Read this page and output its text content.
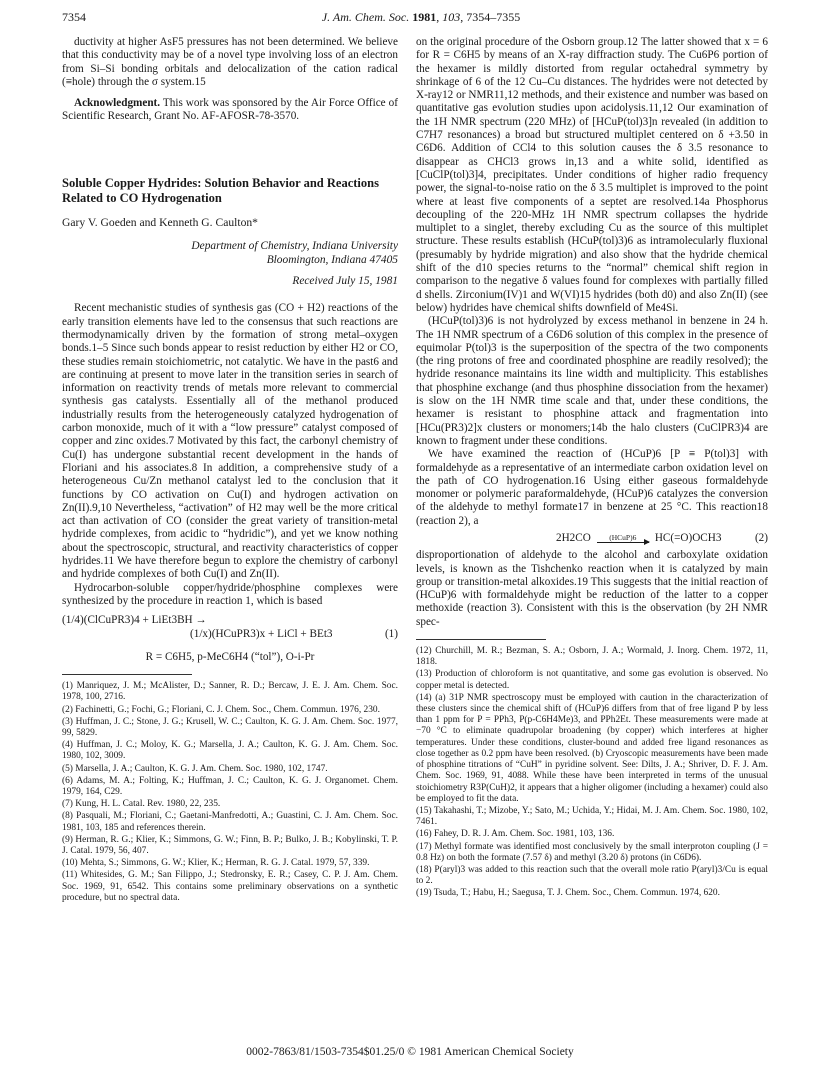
7354	J. Am. Chem. Soc. 1981, 103, 7354–7355

ductivity at higher AsF5 pressures has not been determined. We believe that this conductivity may be of a novel type involving loss of an electron from Si–Si bonding orbitals and delocalization of the cation radical (≡hole) through the σ system.15

Acknowledgment. This work was sponsored by the Air Force Office of Scientific Research, Grant No. AF-AFOSR-78-3570.

Soluble Copper Hydrides: Solution Behavior and Reactions Related to CO Hydrogenation
Gary V. Goeden and Kenneth G. Caulton*
Department of Chemistry, Indiana University
Bloomington, Indiana 47405
Received July 15, 1981

Recent mechanistic studies of synthesis gas (CO + H2) reactions of the early transition elements have led to the consensus that such reactions are thermodynamically driven by the formation of strong metal–oxygen bonds.1–5 Since such bonds appear to resist reduction by either H2 or CO, these studies remain stoichiometric, not catalytic. We have in the past6 and are continuing at present to move later in the transition series in search of information on reactivity trends of metals more relevant to commercial synthesis gas catalysts. Essentially all of the methanol produced industrially results from the heterogeneously catalyzed hydrogenation of carbon monoxide, much of it with a “low pressure” catalyst composed of copper and zinc oxides.7 Motivated by this fact, the carbonyl chemistry of Cu(I) has undergone substantial recent development in the hands of Floriani and his associates.8 In addition, a comprehensive study of a heterogeneous Cu/Zn methanol catalyst led to the conclusion that it functions by CO activation on Cu(I) and hydrogen activation on Zn(II).9,10 Nevertheless, “activation” of H2 may well be the more critical act than activation of CO (consider the great variety of transition-metal hydride complexes, from acidic to “hydridic”), and yet we know nothing about the spectroscopic, structural, and reactivity characteristics of copper hydrides.11 We have therefore begun to explore the chemistry of carbonyl and hydride complexes of both Cu(I) and Zn(II).

Hydrocarbon-soluble copper/hydride/phosphine complexes were synthesized by the procedure in reaction 1, which is based

(1/4)(ClCuPR3)4 + LiEt3BH →
(1/x)(HCuPR3)x + LiCl + BEt3	(1)
R = C6H5, p-MeC6H4 (“tol”), O-i-Pr

(1) Manriquez, J. M.; McAlister, D.; Sanner, R. D.; Bercaw, J. E. J. Am. Chem. Soc. 1978, 100, 2716.

(2) Fachinetti, G.; Fochi, G.; Floriani, C. J. Chem. Soc., Chem. Commun. 1976, 230.

(3) Huffman, J. C.; Stone, J. G.; Krusell, W. C.; Caulton, K. G. J. Am. Chem. Soc. 1977, 99, 5829.

(4) Huffman, J. C.; Moloy, K. G.; Marsella, J. A.; Caulton, K. G. J. Am. Chem. Soc. 1980, 102, 3009.

(5) Marsella, J. A.; Caulton, K. G. J. Am. Chem. Soc. 1980, 102, 1747.

(6) Adams, M. A.; Folting, K.; Huffman, J. C.; Caulton, K. G. J. Organomet. Chem. 1979, 164, C29.

(7) Kung, H. L. Catal. Rev. 1980, 22, 235.

(8) Pasquali, M.; Floriani, C.; Gaetani-Manfredotti, A.; Guastini, C. J. Am. Chem. Soc. 1981, 103, 185 and references therein.

(9) Herman, R. G.; Klier, K.; Simmons, G. W.; Finn, B. P.; Bulko, J. B.; Kobylinski, T. P. J. Catal. 1979, 56, 407.

(10) Mehta, S.; Simmons, G. W.; Klier, K.; Herman, R. G. J. Catal. 1979, 57, 339.

(11) Whitesides, G. M.; San Filippo, J.; Stedronsky, E. R.; Casey, C. P. J. Am. Chem. Soc. 1969, 91, 6542. This contains some preliminary observations on a synthetic procedure, but no spectral data.

on the original procedure of the Osborn group.12 The latter showed that x = 6 for R = C6H5 by means of an X-ray diffraction study. The Cu6P6 portion of the hexamer is mildly distorted from regular octahedral symmetry by shrinkage of 6 of the 12 Cu–Cu distances. The hydrides were not detected by X-ray12 or NMR11,12 methods, and their existence and number was based on quantitative gas evolution studies upon acidolysis.11,12 Our examination of the 1H NMR spectrum (220 MHz) of [HCuP(tol)3]n revealed (in addition to C7H7 resonances) a broad but structured multiplet centered on δ +3.50 in C6D6. Addition of CCl4 to this solution causes the δ 3.5 resonance to disappear as CHCl3 grows in,13 and a white solid, identified as [CuClP(tol)3]4, precipitates. Under conditions of higher radio frequency power, the signal-to-noise ratio on the δ 3.5 multiplet is improved to the point where at least five components of a septet are resolved.14a Phosphorus decoupling of the 220-MHz 1H NMR spectrum collapses the hydride multiplet to a singlet, thereby excluding Cu as the source of this multiplet structure. These results establish (HCuP(tol)3)6 as intramolecularly fluxional (presumably by hydride migration) and also show that the hydride chemical shift of the d10 species returns to the “normal” chemical shift region in comparison to the negative δ values found for complexes with partially filled d shells. Zirconium(IV)1 and W(VI)15 hydrides (both d0) and also Zn(II) (see below) hydrides have chemical shifts downfield of Me4Si.

(HCuP(tol)3)6 is not hydrolyzed by excess methanol in benzene in 24 h. The 1H NMR spectrum of a C6D6 solution of this complex in the presence of equimolar P(tol)3 is the superposition of the spectra of the two components (the ring protons of free and coordinated phosphine are readily resolved); the hydride resonance maintains its line width and multiplicity. This establishes that phosphine exchange (and thus phosphine dissociation from the hexamer) is slow on the 1H NMR time scale and that, under these conditions, the hexamer is resistant to phosphine attack and fragmentation into [HCu(PR3)2]x clusters or monomers;14b the halo clusters (CuClPR3)4 are known to fragment under these conditions.

We have examined the reaction of (HCuP)6 [P ≡ P(tol)3] with formaldehyde as a representative of an intermediate carbon oxidation level on the path of CO hydrogenation.16 Using either gaseous formaldehyde monomer or polymeric paraformaldehyde, (HCuP)6 catalyzes the conversion of the aldehyde to methyl formate17 in benzene at 25 °C. This reaction18 (reaction 2), a

2H2CO (HCuP)6 HC(=O)OCH3	(2)

disproportionation of aldehyde to the alcohol and carboxylate oxidation levels, is known as the Tishchenko reaction when it is catalyzed by main group or transition-metal alkoxides.19 This suggests that the initial reaction of (HCuP)6 with formaldehyde might be reduction of the latter to a copper methoxide (reaction 3). Consistent with this is the observation (by 2H NMR spec-

(12) Churchill, M. R.; Bezman, S. A.; Osborn, J. A.; Wormald, J. Inorg. Chem. 1972, 11, 1818.

(13) Production of chloroform is not quantitative, and some gas evolution is observed. No copper metal is detected.

(14) (a) 31P NMR spectroscopy must be employed with caution in the characterization of these clusters since the chemical shift of (HCuP)6 differs from that of free ligand P by less than 1 ppm for P = PPh3, P(p-C6H4Me)3, and PPh2Et. These measurements were made at −70 °C to eliminate quadrupolar broadening (by copper) which interferes at higher temperatures. Under these conditions, cluster-bound and added free ligand resonances as close together as 0.2 ppm have been resolved. (b) Cryoscopic measurements have been made of phosphine titrations of “CuH” in pyridine solvent. See: Dilts, J. A.; Shriver, D. F. J. Am. Chem. Soc. 1969, 91, 4088. While these have been interpreted in terms of the unusual stoichiometry R3P(CuH)2, it appears that a higher oligomer (including a hexamer) could also be employed to fit the data.

(15) Takahashi, T.; Mizobe, Y.; Sato, M.; Uchida, Y.; Hidai, M. J. Am. Chem. Soc. 1980, 102, 7461.

(16) Fahey, D. R. J. Am. Chem. Soc. 1981, 103, 136.

(17) Methyl formate was identified most conclusively by the small interproton coupling (J = 0.8 Hz) on both the formate (7.57 δ) and methyl (3.20 δ) protons (in C6D6).

(18) P(aryl)3 was added to this reaction such that the overall mole ratio P(aryl)3/Cu is equal to 2.

(19) Tsuda, T.; Habu, H.; Saegusa, T. J. Chem. Soc., Chem. Commun. 1974, 620.

0002-7863/81/1503-7354$01.25/0 © 1981 American Chemical Society
